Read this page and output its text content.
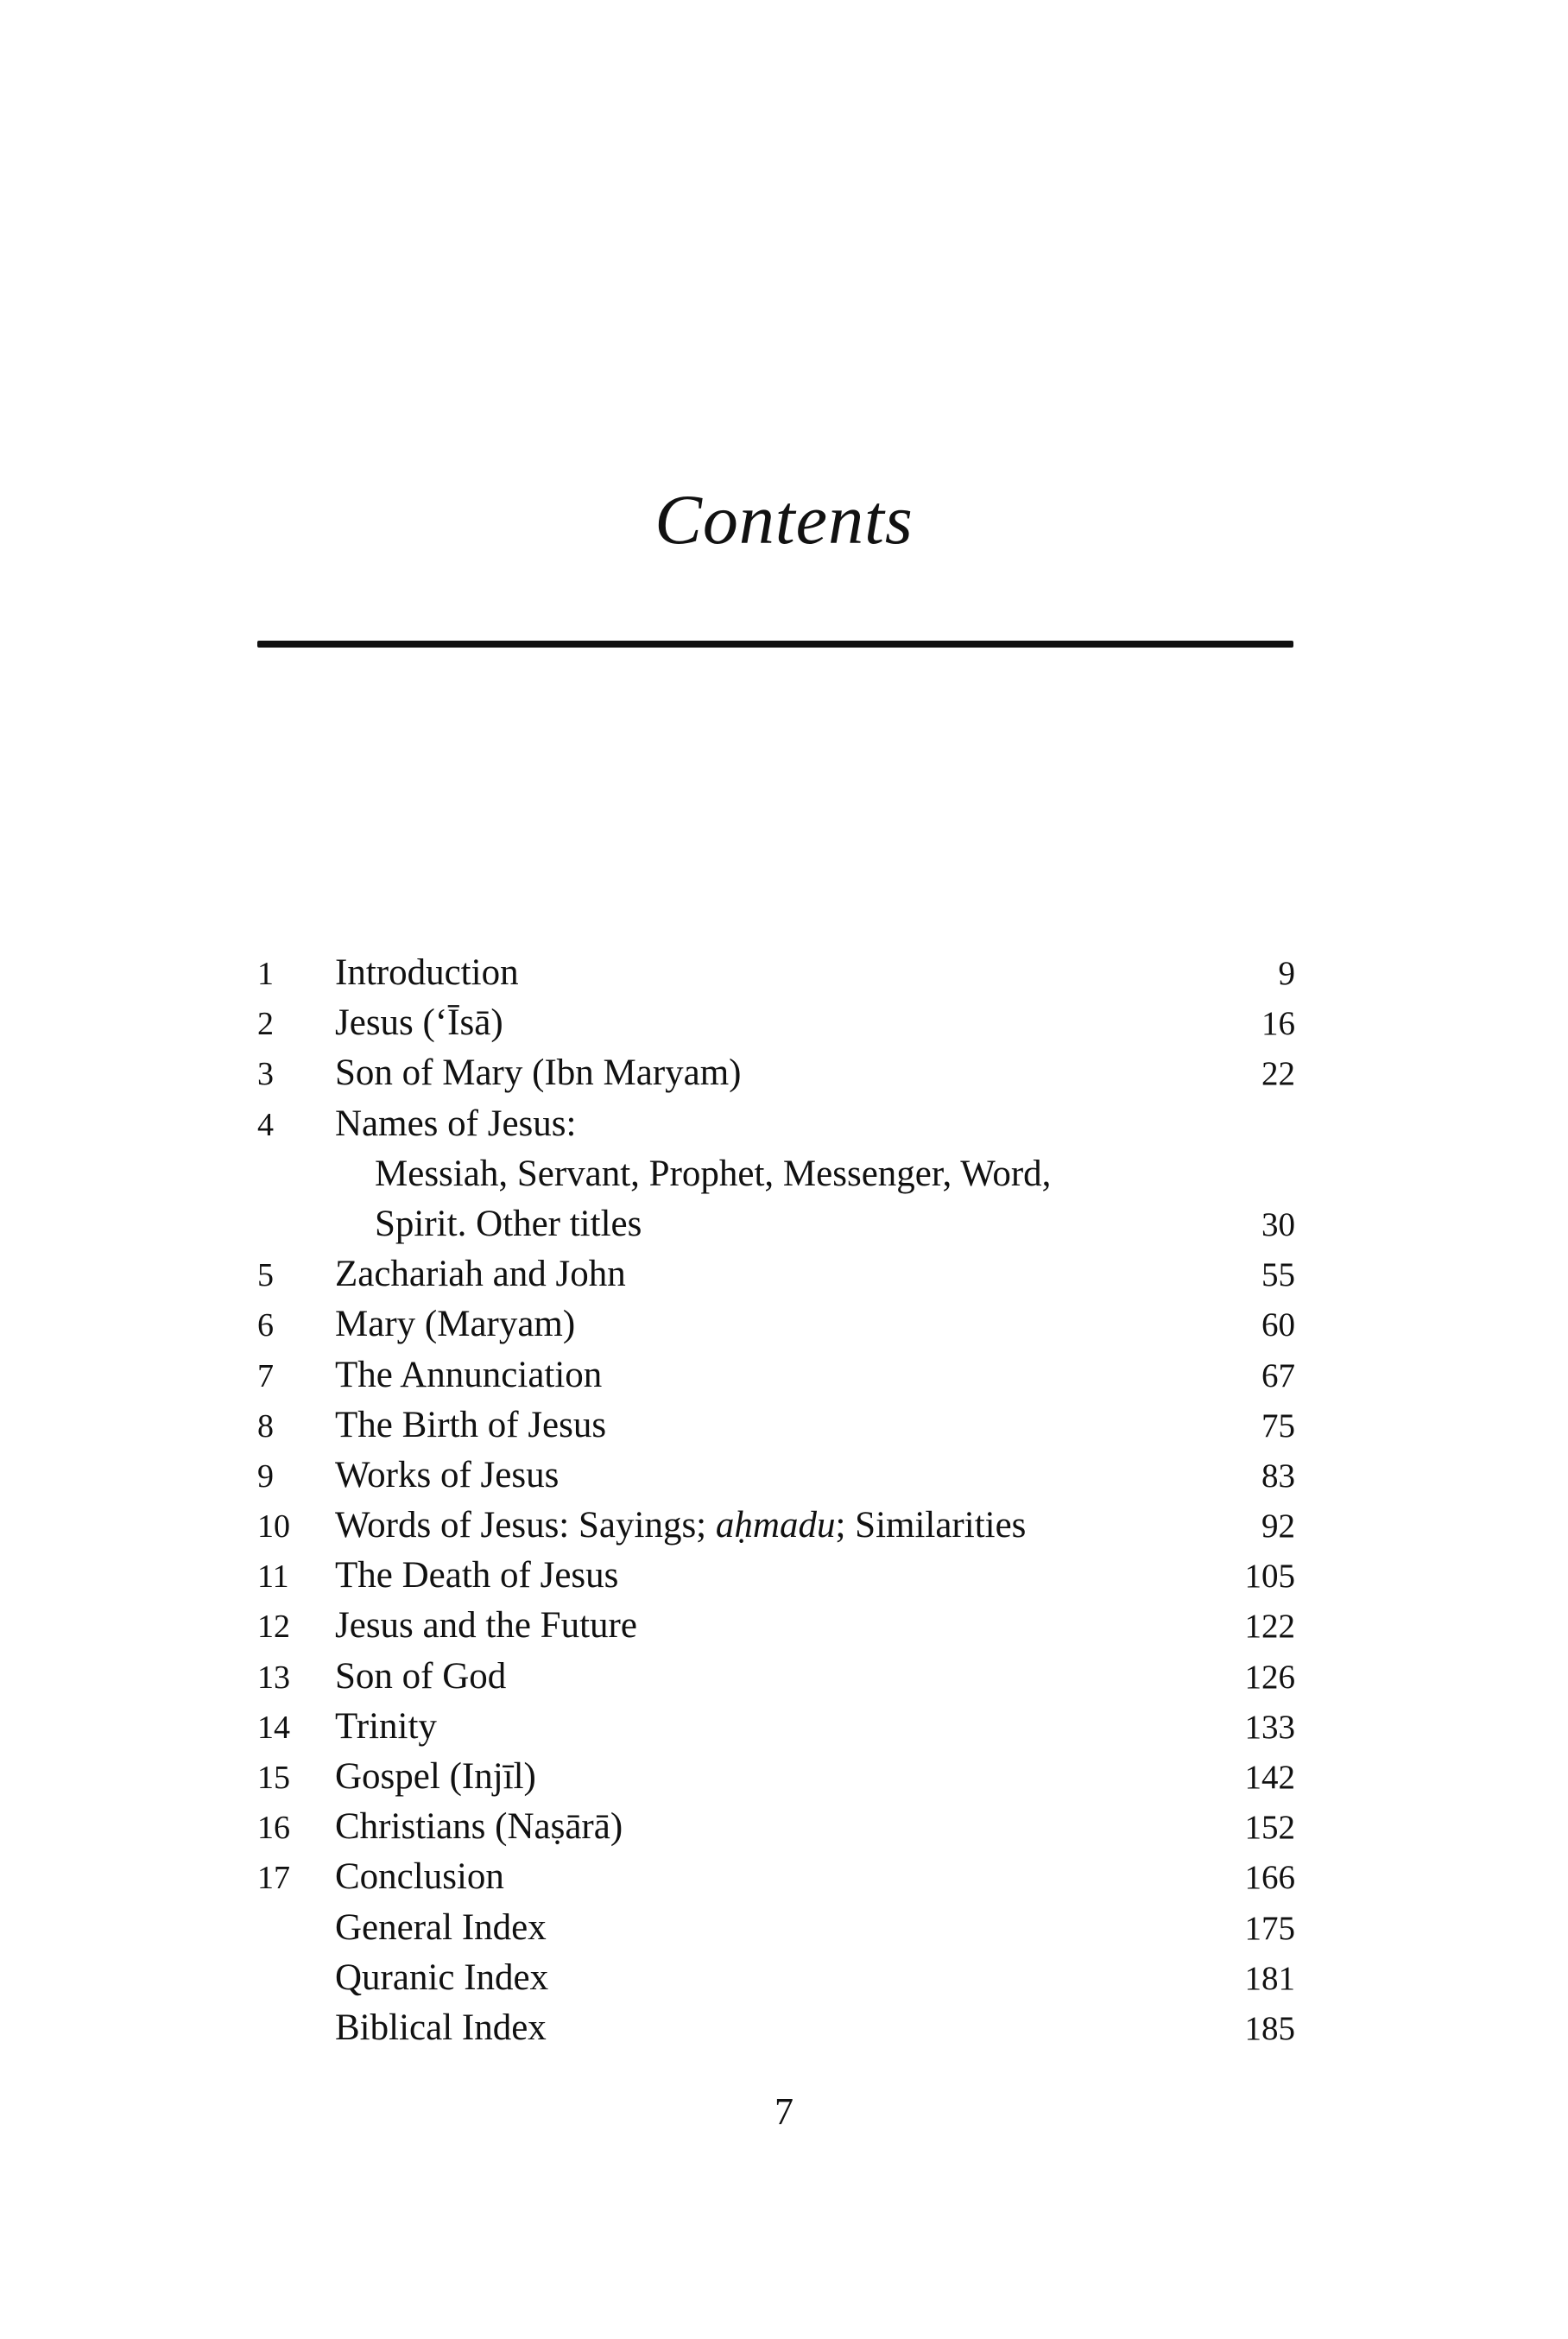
Contents
1	Introduction	9
2	Jesus (‘Īsā)	16
3	Son of Mary (Ibn Maryam)	22
4	Names of Jesus:
Messiah, Servant, Prophet, Messenger, Word,
Spirit. Other titles	30
5	Zachariah and John	55
6	Mary (Maryam)	60
7	The Annunciation	67
8	The Birth of Jesus	75
9	Works of Jesus	83
10	Words of Jesus: Sayings; aḥmadu; Similarities	92
11	The Death of Jesus	105
12	Jesus and the Future	122
13	Son of God	126
14	Trinity	133
15	Gospel (Injīl)	142
16	Christians (Naṣārā)	152
17	Conclusion	166
General Index	175
Quranic Index	181
Biblical Index	185
7
